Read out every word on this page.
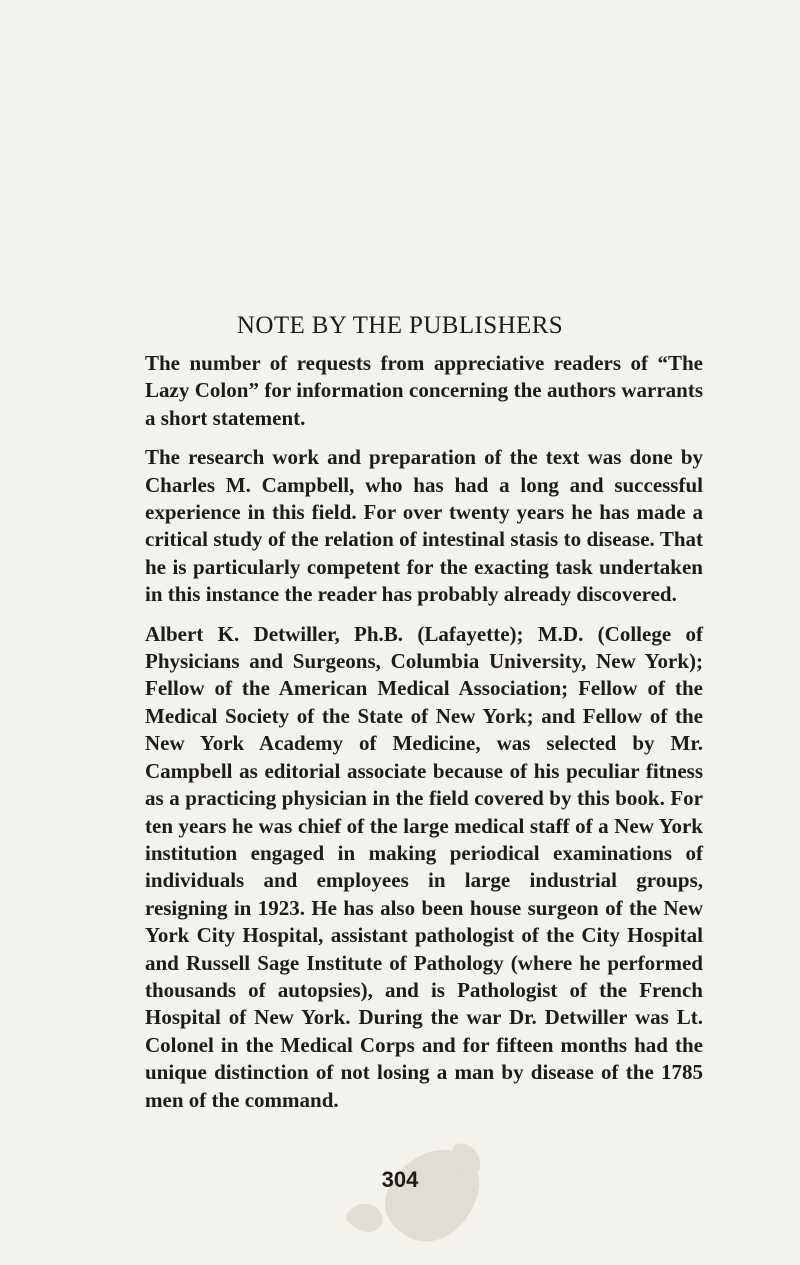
NOTE BY THE PUBLISHERS

The number of requests from appreciative readers of “The Lazy Colon” for information concerning the authors warrants a short statement.

The research work and preparation of the text was done by Charles M. Campbell, who has had a long and successful experience in this field. For over twenty years he has made a critical study of the relation of intestinal stasis to disease. That he is particularly competent for the exacting task undertaken in this instance the reader has probably already discovered.

Albert K. Detwiller, Ph.B. (Lafayette); M.D. (College of Physicians and Surgeons, Columbia University, New York); Fellow of the American Medical Association; Fellow of the Medical Society of the State of New York; and Fellow of the New York Academy of Medicine, was selected by Mr. Campbell as editorial associate because of his peculiar fitness as a practicing physician in the field covered by this book. For ten years he was chief of the large medical staff of a New York institution engaged in making periodical examinations of individuals and employees in large industrial groups, resigning in 1923. He has also been house surgeon of the New York City Hospital, assistant pathologist of the City Hospital and Russell Sage Institute of Pathology (where he performed thousands of autopsies), and is Pathologist of the French Hospital of New York. During the war Dr. Detwiller was Lt. Colonel in the Medical Corps and for fifteen months had the unique distinction of not losing a man by disease of the 1785 men of the command.

304
